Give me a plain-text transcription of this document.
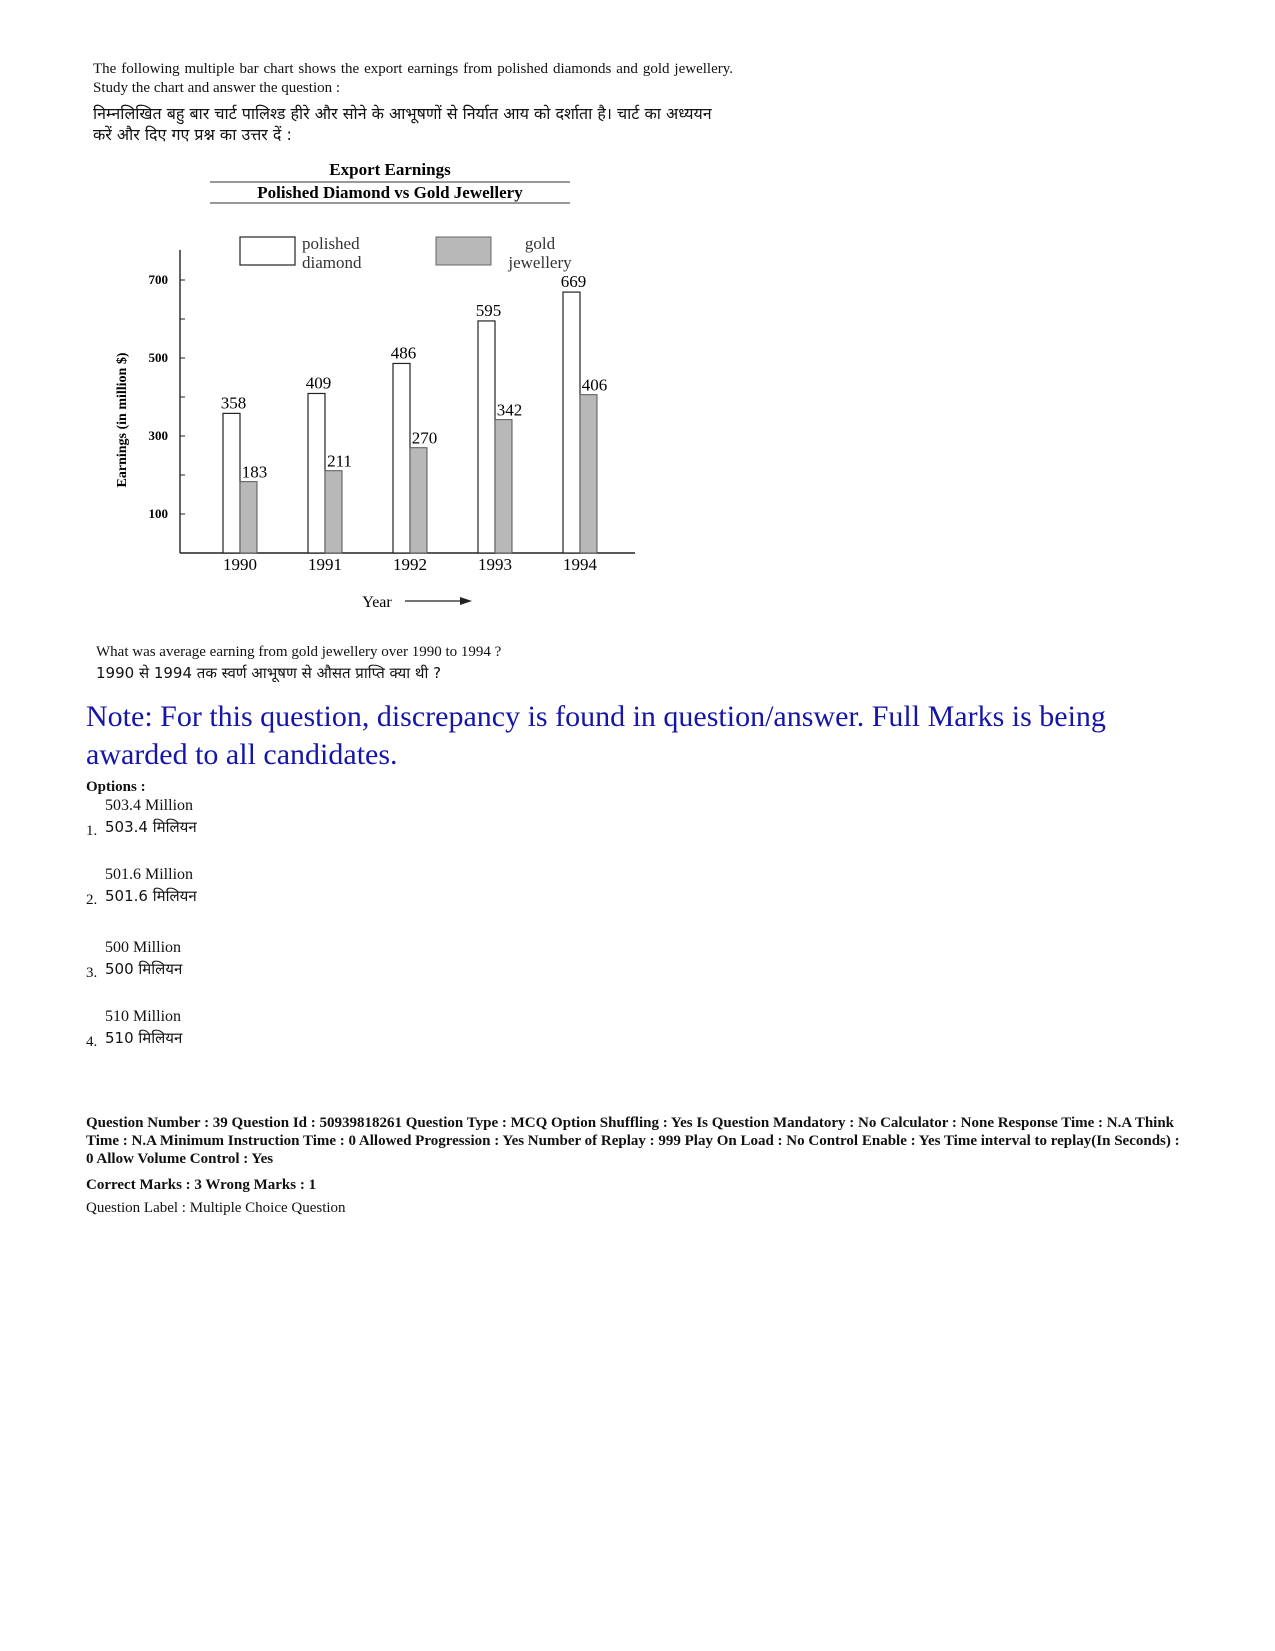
The following multiple bar chart shows the export earnings from polished diamonds and gold jewellery. Study the chart and answer the question :
निम्नलिखित बहु बार चार्ट पालिश्ड हीरे और सोने के आभूषणों से निर्यात आय को दर्शाता है। चार्ट का अध्ययन करें और दिए गए प्रश्न का उत्तर दें :
Export Earnings
Polished Diamond vs Gold Jewellery
polished diamond
gold jewellery
Earnings (in million $)
Year
100
300
500
700
358
183
1990
409
211
1991
486
270
1992
595
342
1993
669
406
1994
What was average earning from gold jewellery over 1990 to 1994 ?
1990 से 1994 तक स्वर्ण आभूषण से औसत प्राप्ति क्या थी ?
Note: For this question, discrepancy is found in question/answer. Full Marks is being awarded to all candidates.
Options :
1.
503.4 Million
503.4 मिलियन
2.
501.6 Million
501.6 मिलियन
3.
500 Million
500 मिलियन
4.
510 Million
510 मिलियन
Question Number : 39 Question Id : 50939818261 Question Type : MCQ Option Shuffling : Yes Is Question Mandatory : No Calculator : None Response Time : N.A Think Time : N.A Minimum Instruction Time : 0 Allowed Progression : Yes Number of Replay : 999 Play On Load : No Control Enable : Yes Time interval to replay(In Seconds) : 0 Allow Volume Control : Yes
Correct Marks : 3 Wrong Marks : 1
Question Label : Multiple Choice Question
